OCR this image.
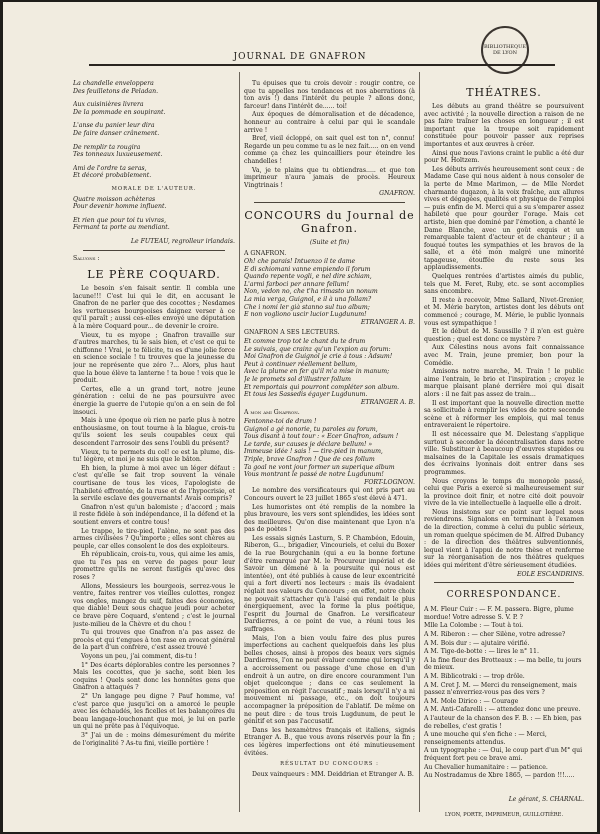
BIBLIOTHEQUE DE LYON
JOURNAL DE GNAFRON

La chandelle enveloppera

Des feuilletons de Peladan.

Aux cuisinières livrera

De la pommade en soupirant.

L'anse du panier leur dira

De faire danser crânement.

De remplir ta rougira

Tes tonneaux luxueusement.

Ami de l'ordre ta seras,

Et décoré probablement.

MORALE DE L'AUTEUR.

Quatre moisson achèteras

Pour devenir homme influent.

Et rien que pour toi tu vivras,

Fermant ta porte au mendiant.

Le FUTEAU, regrolleur irlandais.

Saluons :

LE PÈRE COQUARD.

Le besoin s'en faisait sentir. Il combla une lacune!!! C'est lui qui le dit, en accusant le Gnafron de ne parler que des cocottes ; Nesdames les vertueuses bourgeoises daignez verser à ce qu'il paraît ; aussi ces-elles envoyé une députation à la mère Coquard pour... de devenir le croire.

Vieux, tu es myope ; Gnafron travaille sur d'autres marches, tu le sais bien, et c'est ce qui te chiffonne ! Vrai, je te félicite, tu es d'une jolie force en science sociale ! tu trouves que la jeunesse du jour ne représente que zéro ?... Alors, plus haut que la boue élève ta lanterne ! ta boue ! vois que le produit.

Certes, elle a un grand tort, notre jeune génération : celui de ne pas poursuivre avec énergie la guerre de l'utopie qu'on a en sein de fol insouci.

Mais à une époque où rien ne parle plus à notre enthousiasme, on tout tourne à la blague, crois-tu qu'ils soient les seuls coupables ceux qui descendent l'arrosoir des sens l'oubli du présent?

Vieux, tu te permets du col! ce est la plume, dis-tu! légère, et moi je ne suis que le bâton.

Eh bien, la plume à moi avec un léger défaut : c'est qu'elle se fait trop souvent la vénale courtisane de tous les vices, l'apologiste de l'habileté effrontée, de la ruse et de l'hypocrisie, et la servile esclave des gouvernants! Avais compris?

Gnafron n'est qu'un balomiste ; d'accord ; mais il reste fidèle à son indépendance, il la défend et la soutient envers et contre tous!

Le trappe, le tire-pied, l'alène, ne sont pas des armes civilisées ? Qu'importe ; elles sont chères au peuple, car elles consolent le dos des exploiteurs.

Eh républicain, crois-tu, vous, qui aime les amis, que tu l'es pas en verve de pages pour leur promettre qu'ils ne seront fustigés qu'avec des roses ?

Allons, Messieurs les bourgeois, serrez-vous le ventre, faites rentrer vos vieilles culottes, rongez vos ongles, mangez du suif, faites des économies, que diable! Deux sous chaque jeudi pour acheter ce brave père Coquard, s'entend ; c'est le journal juste-milieu de la Chèvre et du chou !

Tu qui trouves que Gnafron n'a pas assez de procès et qui t'engues à ton rase en avocat général de la part d'un confrère, c'est assez trouvé !

Voyons un peu, j'ai comment, dis-tu !

1° Des écarts déplorables contre les personnes ? Mais les cocottes, que je sache, sont bien les coquins ! Quels sont donc les honnêtes gens que Gnafron a attaqués ?

2° Un langage peu digne ? Pauf homme, va! c'est parce que jusqu'ici on a amorcé le peuple avec les échaudés, les ficelles et les balançoires du beau langage-louchonant que moi, je lui en parle un qui ne prête pas à l'équivoque.

3° J'ai un de : moins démesurément du mérite de l'originalité ? As-tu fini, vieille portière !

Tu épuises que tu crois devoir : rougir contre, ce que tu appelles nos tendances et nos aberrations (à ton avis !) dans l'intérêt du peuple ? allons donc, farceur! dans l'intérêt de...... toi!

Aux époques de démoralisation et de décadence, honneur au contraire à celui par qui le scandale arrive !

Bref, vieil écloppé, on sait quel est ton n°, connu! Regarde un peu comme tu as le nez fait..... on en vend comme ça chez les quincailliers pour éteindre les chandelles !

Va, je te plains que tu obtiendras..... et que ton imprimeur n'aura jamais de procès. Heureux Vingtrinais !

GNAFRON.

CONCOURS du Journal de Gnafron.

(Suite et fin)

A GNAFRON.

Oh! che parais! Intuenzo il te dame

E di schiomani vanne empiendo il forum

Quando repente vogli, e nel dire schiam,

L'armi farboci per annare fellum!

Non, vedon no, che t'ha rimasto un nonum

La mia verga, Guignol, e il à una follam?

Che i nomi ler già stanno sul tuo album;

E non vogliono uscir lucior Lugdunum!

ETRANGER A. B.

GNAFRON A SES LECTEURS.

Et comme trop tot le chant du te drum

Le suivais, que crainz qu'un l'expion au forum:

Moi Gnafron de Guignol je crie à tous : Adsum!

Peut à continuer réellement bellum,

Avec la plume en fer qu'il m'a mise in manum;

Je le promets sol d'illustrer follum

Et remportais qui pourront compléter son album.

Et tous les Sassedis égayer Lugdunum.

ETRANGER A. B.

A mon ami Gnafron.

Fentonne-toi de drum !

Guignol a gé nonorie, tu paroles au forum,

Tous disant à tout tour : « Ecer Gnafron, adsum !

Le tarde, sur causes je déclare bellum! »

Immeuse idée ! sais ! — tire-pied in manum,

Triple, brave Gnafron ! Que de ces follum

Ta goal ne vont jour former un superique album

Vous montrant le passé de notre Lugdunum!

FORT-LOGNON.

Le nombre des versificateurs qui ont pris part au Concours ouvert le 23 juillet 1865 s'est élevé à 471.

Les humoristes ont été remplis de la nombre la plus bravoure, les vers sont splendides, les idées sont des meilleures. Qu'on dise maintenant que Lyon n'a pas de poètes !

Les essais signés Lasturn, S. P. Chambéon, Edouin, Riberon, G..., brigadier, Vincouriels, et celui du Boxer de la rue Bourgchanin (qui a eu la bonne fortune d'être remarqué par M. le Procureur impérial et de Savoir un démené à la poursuite qui nous est intentée), ont été publiés à cause de leur excentricité qui a fort diverti nos lecteurs : mais ils évadaient réglait nos valeurs du Concours ; en effet, notre choix ne pouvait s'attacher qu'à l'aisé qui rendait le plus énergiquement, avec la forme la plus poétique, l'esprit du Journal de Gnafron. Le versificateur Dardierres, a ce point de vue, a réuni tous les suffrages.

Mais, l'on a bien voulu faire des plus pures imperfections au cachent quelquefois dans les plus belles choses, ainsi à propos des beaux vers signés Dardierres, l'on ne peut évaluer comme qui lorsqu'il y a accroissement ou passage d'une chose en d'un endroit à un autre, on dire encore couramment l'un objet quelconque ; dans ce cas seulement la préposition en régit l'accusatif ; mais lorsqu'il n'y a ni mouvement ni passage, etc., on doit toujours accompagner la préposition de l'ablatif. De même on ne peut dire : de tous trois Lugdunum, de peut le génitif et son pas l'accusatif.

Dans les hexamètres français et italiens, signés Etranger A. B., que vous avons réservés pour la fin ; ces légères imperfections ont été minutieusement évitées.

RÉSULTAT DU CONCOURS :

Deux vainqueurs : MM. Deiddrian et Etranger A. B.

THÉATRES.

Les débuts au grand théâtre se poursuivent avec activité ; la nouvelle direction a raison de ne pas faire traîner les choses en longueur ; il est important que la troupe soit rapidement constituée pour pouvoir passer aux reprises importantes et aux œuvres à créer.

Ainsi que nous l'avions craint le public a été dur pour M. Holtzem.

Les débuts arrivés heureusement sont ceux : de Madame Case qui nous aident à nous consoler de la perte de Mme Marimon, — de Mlle Nordet charmante dugazon, à la voix fraîche, aux allures vives et dégagées, qualités et physique de l'emploi — puis enfin de M. Merci qui a su s'emparer assez habileté que pour gourder l'orage. Mais cet artiste, bien que dominé par l'émotion, a chanté le Dame Blanche, avec un goût exquis et un remarquable talent d'acteur et de chanteur ; il a fouqué toutes les sympathies et les bravos de la salle, et a été mon malgré une minorité tapageuse, étouffée du reste sous les applaudissements.

Quelques rentrées d'artistes aimés du public, tels que M. Feret, Ruby, etc. se sont accomplies sans encombre.

Il reste à recevoir, Mme Sallard, Nivet-Grenier, et M. Mérie baryton, artistes dont les débuts ont commencé ; courage, M. Mérie, le public lyonnais vous est sympathique !

Et le début de M. Saussille ? il n'en est guère question ; quel est donc ce mystère ?

Aux Célestins nous avons fait connaissance avec M. Train, jeune premier, bon pour la Comédie.

Amisons notre marche, M. Train ! le public aime l'entrain, le brio et l'inspiration ; croyez le marque plaisant plané derrière moi qui disait alors : il ne fait pas assez de train...

Il est important que la nouvelle direction mette sa sollicitude à remplir les vides de notre seconde scène et à réformer les emplois, qui mal tenus entraveraient le répertoire.

Il est nécessaire que M. Delestang s'applique surtout à seconder la décentralisation dans notre ville. Substituer à beaucoup d'œuvres stupides ou malsaines de la Capitale les essais dramatiques des écrivains lyonnais doit entrer dans ses programmes.

Nous croyons le temps du monopole passé, celui que Paris a exercé si malheureusement sur la province doit finir, et notre cité doit pouvoir vivre de la vie intellectuelle à laquelle elle a droit.

Nous insistons sur ce point sur lequel nous reviendrons. Signalons en terminant à l'examen de la direction, comme à celui du public sérieux, un roman quelque spécimen de M. Alfred Dubancy : de la direction des théâtres subventionnés, lequel vient à l'appui de notre thèse et renferme sur la réorganisation de nos théâtres quelques idées qui méritent d'être sérieusement étudiées.

EOLE ESCANDRINS.

CORRESPONDANCE.
A M. Fleur Cuir : — F. M. passera. Bigre, plume mordue! Votre adresse S. V. P. ?
Mlle La Colombe : — Tout à toi.
A M. Riberon : — cher Silène, votre adresse?
A M. Bois dur : — ajutaire vérifié.
A M. Tige-de-botte : — lires le n° 11.
A la fine fleur des Brotteaux : — ma belle, tu jours de mieux.
A M. Biblicotraki : — trop drôle.
A M. Cret J. M. — Merci du renseignement, mais passez n'enverriez-vous pas des vers ?
A M. Mole Dirico : — Courage
A M. Anti-Cafarelli : — attendez donc une preuve.
A l'auteur de la chanson des F. B. : — Eh bien, pas de rebelles, c'est gratis !
A une mouche qui s'en fiche : — Merci, renseignements attendus.
A un typographe : — Oui, le coup part d'un M° qui fréquent fort peu ce brave ami.
Au Chevalier humanitaire : — patience.
Au Nostradamus de Xbre 1865, — pardon !!!.....
Le gérant, S. CHARNAL.
LYON, PORTE, IMPRIMEUR, GUILLOTIÈRE.
